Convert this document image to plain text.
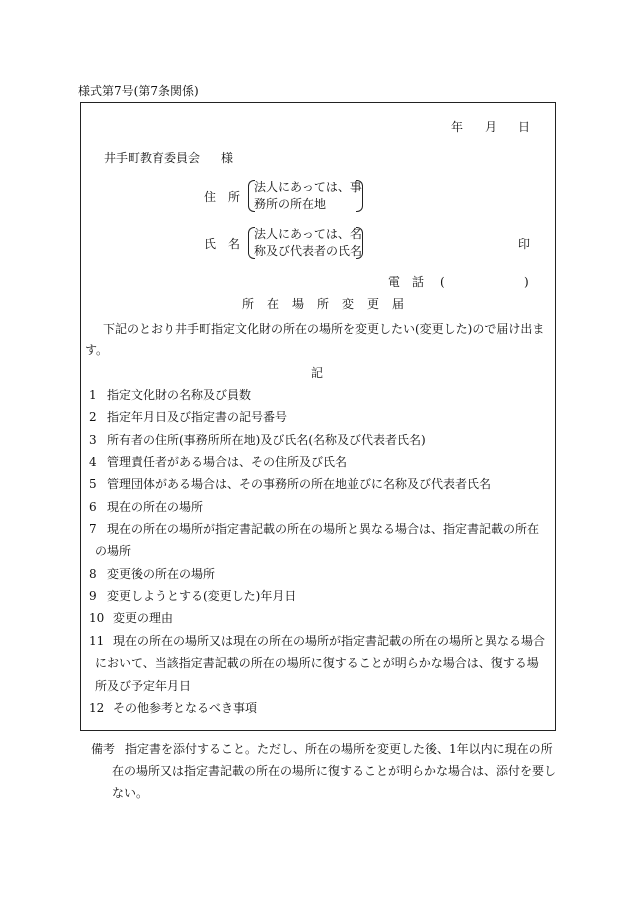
様式第7号(第7条関係)
年 月 日
井手町教育委員会 様
住　所
法人にあっては、事
務所の所在地
氏　名
法人にあっては、名
称及び代表者の氏名	印
電　話 (	)
所　在　場　所　変　更　届
下記のとおり井手町指定文化財の所在の場所を変更したい(変更した)ので届け出ま
す。
記
1 指定文化財の名称及び員数
2 指定年月日及び指定書の記号番号
3 所有者の住所(事務所所在地)及び氏名(名称及び代表者氏名)
4 管理責任者がある場合は、その住所及び氏名
5 管理団体がある場合は、その事務所の所在地並びに名称及び代表者氏名
6 現在の所在の場所
7 現在の所在の場所が指定書記載の所在の場所と異なる場合は、指定書記載の所在
の場所
8 変更後の所在の場所
9 変更しようとする(変更した)年月日
10 変更の理由
11 現在の所在の場所又は現在の所在の場所が指定書記載の所在の場所と異なる場合
において、当該指定書記載の所在の場所に復することが明らかな場合は、復する場
所及び予定年月日
12 その他参考となるべき事項
備考 指定書を添付すること。ただし、所在の場所を変更した後、1年以内に現在の所
在の場所又は指定書記載の所在の場所に復することが明らかな場合は、添付を要し
ない。
